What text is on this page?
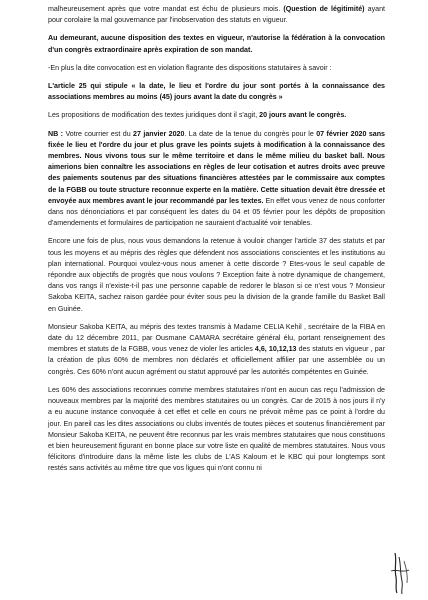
malheureusement après que votre mandat est échu de plusieurs mois. (Question de légitimité) ayant pour corolaire la mal gouvernance par l'inobservation des statuts en vigueur.

Au demeurant, aucune disposition des textes en vigueur, n'autorise la fédération à la convocation d'un congrès extraordinaire après expiration de son mandat.

-En plus la dite convocation est en violation flagrante des dispositions statutaires à savoir :

L'article 25 qui stipule « la date, le lieu et l'ordre du jour sont portés à la connaissance des associations membres au moins (45) jours avant la date du congrès »

Les propositions de modification des textes juridiques dont il s'agit, 20 jours avant le congrès.

NB : Votre courrier est du 27 janvier 2020. La date de la tenue du congrès pour le 07 février 2020 sans fixée le lieu et l'ordre du jour et plus grave les points sujets à modification à la connaissance des membres. Nous vivons tous sur le même territoire et dans le même milieu du basket ball. Nous aimerions bien connaître les associations en règles de leur cotisation et autres droits avec preuve des paiements soutenus par des situations financières attestées par le commissaire aux comptes de la FGBB ou toute structure reconnue experte en la matière. Cette situation devait être dressée et envoyée aux membres avant le jour recommandé par les textes. En effet vous venez de nous conforter dans nos dénonciations et par conséquent les dates du 04 et 05 février pour les dépôts de proposition d'amendements et formulaires de participation ne sauraient d'actualité voir tenables.

Encore une fois de plus, nous vous demandons la retenue à vouloir changer l'article 37 des statuts et par tous les moyens et au mépris des règles que défendent nos associations conscientes et les institutions au plan international. Pourquoi voulez-vous nous amener à cette discorde ? Etes-vous le seul capable de répondre aux objectifs de progrès que nous voulons ? Exception faite à notre dynamique de changement, dans vos rangs il n'existe-t-il pas une personne capable de redorer le blason si ce n'est vous ? Monsieur Sakoba KEITA, sachez raison gardée pour éviter sous peu la division de la grande famille du Basket Ball en Guinée.

Monsieur Sakoba KEITA, au mépris des textes transmis à Madame CELIA Kehil , secrétaire de la FIBA en date du 12 décembre 2011, par Ousmane CAMARA secrétaire général élu, portant renseignement des membres et statuts de la FGBB, vous venez de violer les articles 4,6, 10,12,13 des statuts en vigueur , par la création de plus 60% de membres non déclarés et officiellement affilier par une assemblée ou un congrès. Ces 60% n'ont aucun agrément ou statut approuvé par les autorités compétentes en Guinée.

Les 60% des associations reconnues comme membres statutaires n'ont en aucun cas reçu l'admission de nouveaux membres par la majorité des membres statutaires ou un congrès. Car de 2015 à nos jours il n'y a eu aucune instance convoquée à cet effet et celle en cours ne prévoit même pas ce point à l'ordre du jour. En pareil cas les dites associations ou clubs inventés de toutes pièces et soutenus financièrement par Monsieur Sakoba KEITA, ne peuvent être reconnus par les vrais membres statutaires que nous constituons et bien heureusement figurant en bonne place sur votre liste en qualité de membres statutaires. Nous vous félicitons d'introduire dans la même liste les clubs de L'AS Kaloum et le KBC qui pour longtemps sont restés sans activités au même titre que vos ligues qui n'ont connu ni
